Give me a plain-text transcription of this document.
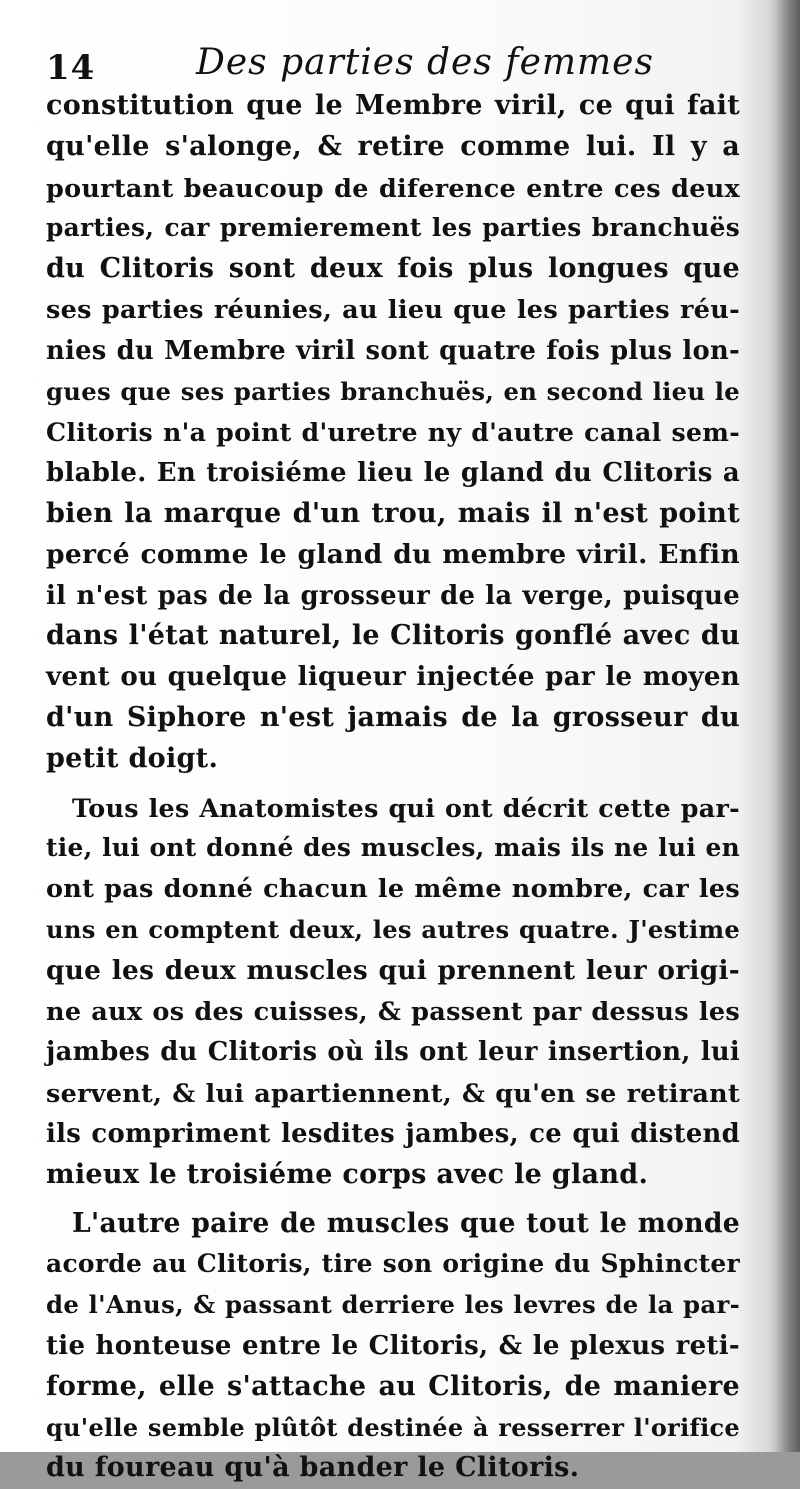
14	Des parties des femmes
constitution que le Membre viril, ce qui fait
qu'elle s'alonge, & retire comme lui. Il y a
pourtant beaucoup de diference entre ces deux
parties, car premierement les parties branchuës
du Clitoris sont deux fois plus longues que
ses parties réunies, au lieu que les parties réu-
nies du Membre viril sont quatre fois plus lon-
gues que ses parties branchuës, en second lieu le
Clitoris n'a point d'uretre ny d'autre canal sem-
blable. En troisiéme lieu le gland du Clitoris a
bien la marque d'un trou, mais il n'est point
percé comme le gland du membre viril. Enfin
il n'est pas de la grosseur de la verge, puisque
dans l'état naturel, le Clitoris gonflé avec du
vent ou quelque liqueur injectée par le moyen
d'un Siphore n'est jamais de la grosseur du
petit doigt.
Tous les Anatomistes qui ont décrit cette par-
tie, lui ont donné des muscles, mais ils ne lui en
ont pas donné chacun le même nombre, car les
uns en comptent deux, les autres quatre. J'estime
que les deux muscles qui prennent leur origi-
ne aux os des cuisses, & passent par dessus les
jambes du Clitoris où ils ont leur insertion, lui
servent, & lui apartiennent, & qu'en se retirant
ils compriment lesdites jambes, ce qui distend
mieux le troisiéme corps avec le gland.
L'autre paire de muscles que tout le monde
acorde au Clitoris, tire son origine du Sphincter
de l'Anus, & passant derriere les levres de la par-
tie honteuse entre le Clitoris, & le plexus reti-
forme, elle s'attache au Clitoris, de maniere
qu'elle semble plûtôt destinée à resserrer l'orifice
du foureau qu'à bander le Clitoris.
